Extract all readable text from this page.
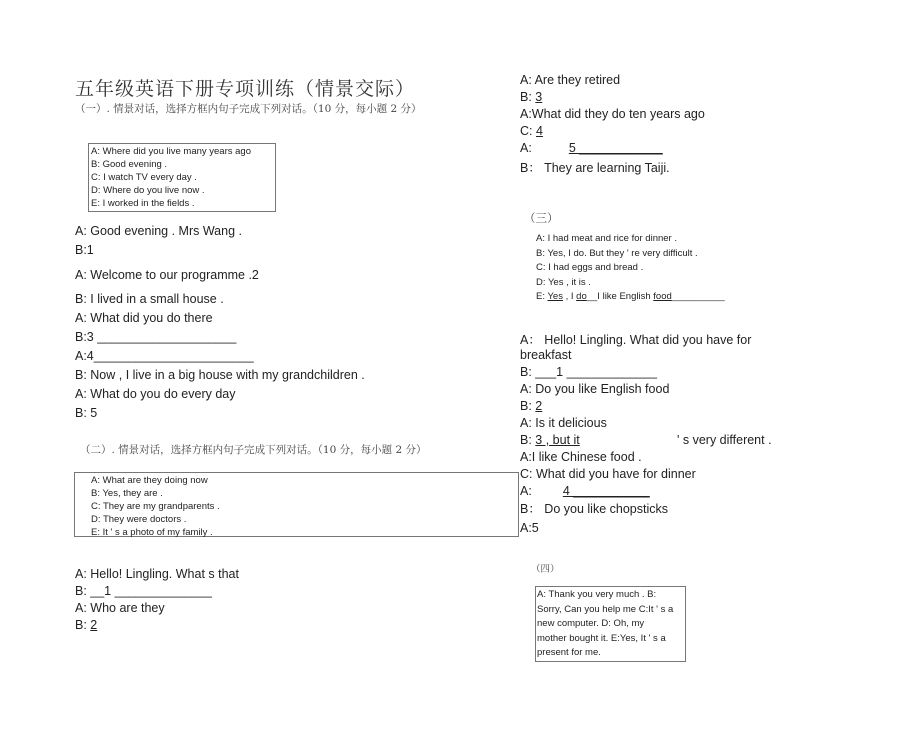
五年级英语下册专项训练（情景交际）
（一）. 情景对话，选择方框内句子完成下列对话。（10 分，每小题 2 分）
A: Where did you live many years ago
B: Good evening .
C: I watch TV every day .
D: Where do you live now .
E: I worked in the fields .
A: Good evening . Mrs Wang .
B:1
A: Welcome to our programme .2
B: I lived in a small house .
A: What did you do there
B:3 ____________________
A:4_______________________
B: Now , I live in a big house with my grandchildren .
A: What do you do every day
B: 5
（二）. 情景对话，选择方框内句子完成下列对话。（10 分，每小题 2 分）
A: What are they doing now
B: Yes, they are .
C: They are my grandparents .
D: They were doctors .
E: It ' s a photo of my family .
A: Hello! Lingling. What s that
B: __1 ______________
A: Who are they
B: 2
A: Are they retired
B: 3
A:What did they do ten years ago
C: 4
A:	5 ____________
B： They are learning Taiji.
（三）
A: I had meat and rice for dinner .
B: Yes, I do. But they ' re very difficult .
C: I had eggs and bread .
D: Yes , it is .
E: Yes , I do__I like English food__________
A： Hello! Lingling. What did you have for
breakfast
B: ___1 _____________
A: Do you like English food
B: 2
A: Is it delicious
B: 3 , but it	' s very different .
A:I like Chinese food .
C: What did you have for dinner
A: 4 ___________
B： Do you like chopsticks
A:5
（四）
A: Thank you very much . B:
Sorry, Can you help me C:It ' s a
new computer. D: Oh, my
mother bought it. E:Yes, It ' s a
present for me.
